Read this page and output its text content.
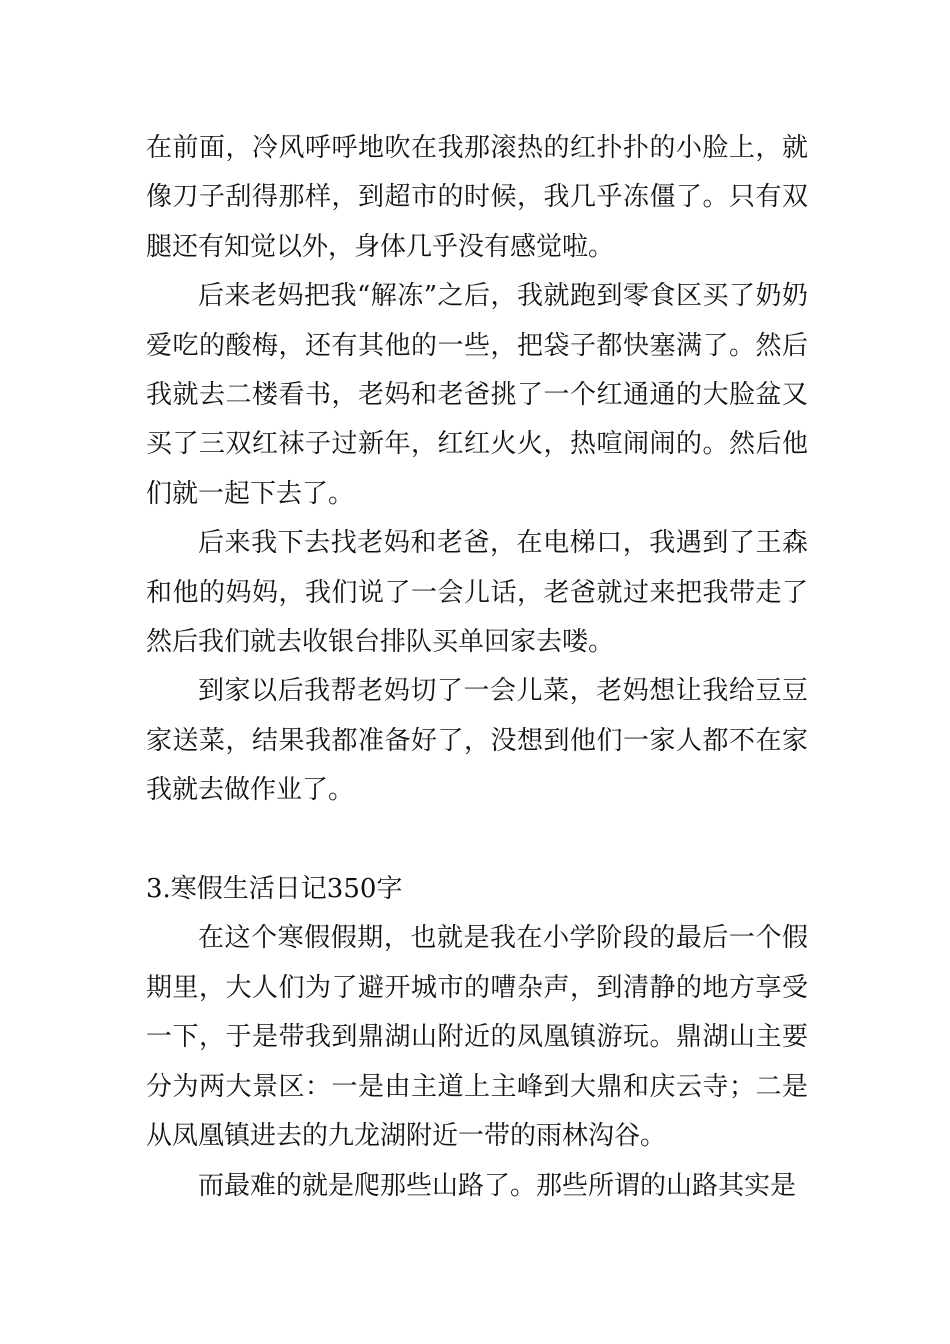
在前面，冷风呼呼地吹在我那滚热的红扑扑的小脸上，就像刀子刮得那样，到超市的时候，我几乎冻僵了。只有双腿还有知觉以外，身体几乎没有感觉啦。

后来老妈把我“解冻”之后，我就跑到零食区买了奶奶爱吃的酸梅，还有其他的一些，把袋子都快塞满了。然后我就去二楼看书，老妈和老爸挑了一个红通通的大脸盆又买了三双红袜子过新年，红红火火，热喧闹闹的。然后他们就一起下去了。

后来我下去找老妈和老爸，在电梯口，我遇到了王森和他的妈妈，我们说了一会儿话，老爸就过来把我带走了然后我们就去收银台排队买单回家去喽。

到家以后我帮老妈切了一会儿菜，老妈想让我给豆豆家送菜，结果我都准备好了，没想到他们一家人都不在家我就去做作业了。

3.寒假生活日记350字

在这个寒假假期，也就是我在小学阶段的最后一个假期里，大人们为了避开城市的嘈杂声，到清静的地方享受一下，于是带我到鼎湖山附近的凤凰镇游玩。鼎湖山主要分为两大景区：一是由主道上主峰到大鼎和庆云寺；二是从凤凰镇进去的九龙湖附近一带的雨林沟谷。

而最难的就是爬那些山路了。那些所谓的山路其实是
